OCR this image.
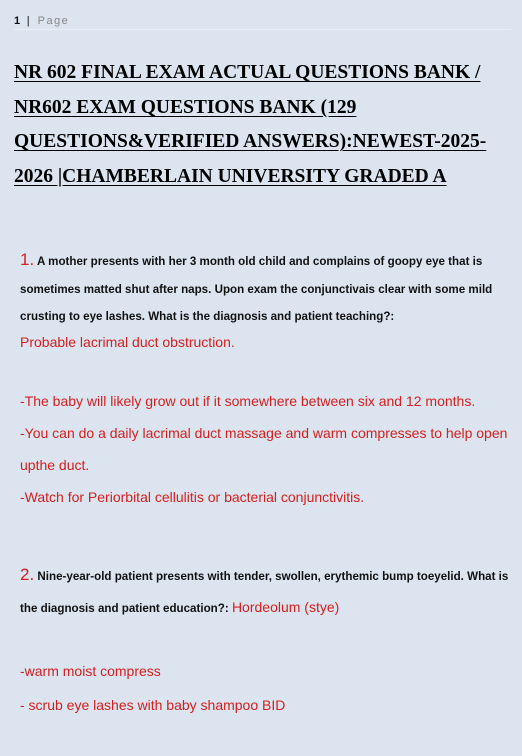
1 | Page
NR 602 FINAL EXAM ACTUAL QUESTIONS BANK / NR602 EXAM QUESTIONS BANK (129 QUESTIONS&VERIFIED ANSWERS):NEWEST-2025-2026 |CHAMBERLAIN UNIVERSITY GRADED A
1. A mother presents with her 3 month old child and complains of goopy eye that is sometimes matted shut after naps. Upon exam the conjunctivais clear with some mild crusting to eye lashes. What is the diagnosis and patient teaching?:
Probable lacrimal duct obstruction.
-The baby will likely grow out if it somewhere between six and 12 months.
-You can do a daily lacrimal duct massage and warm compresses to help open upthe duct.
-Watch for Periorbital cellulitis or bacterial conjunctivitis.
2. Nine-year-old patient presents with tender, swollen, erythemic bump toeyelid. What is the diagnosis and patient education?: Hordeolum (stye)
-warm moist compress
- scrub eye lashes with baby shampoo BID
